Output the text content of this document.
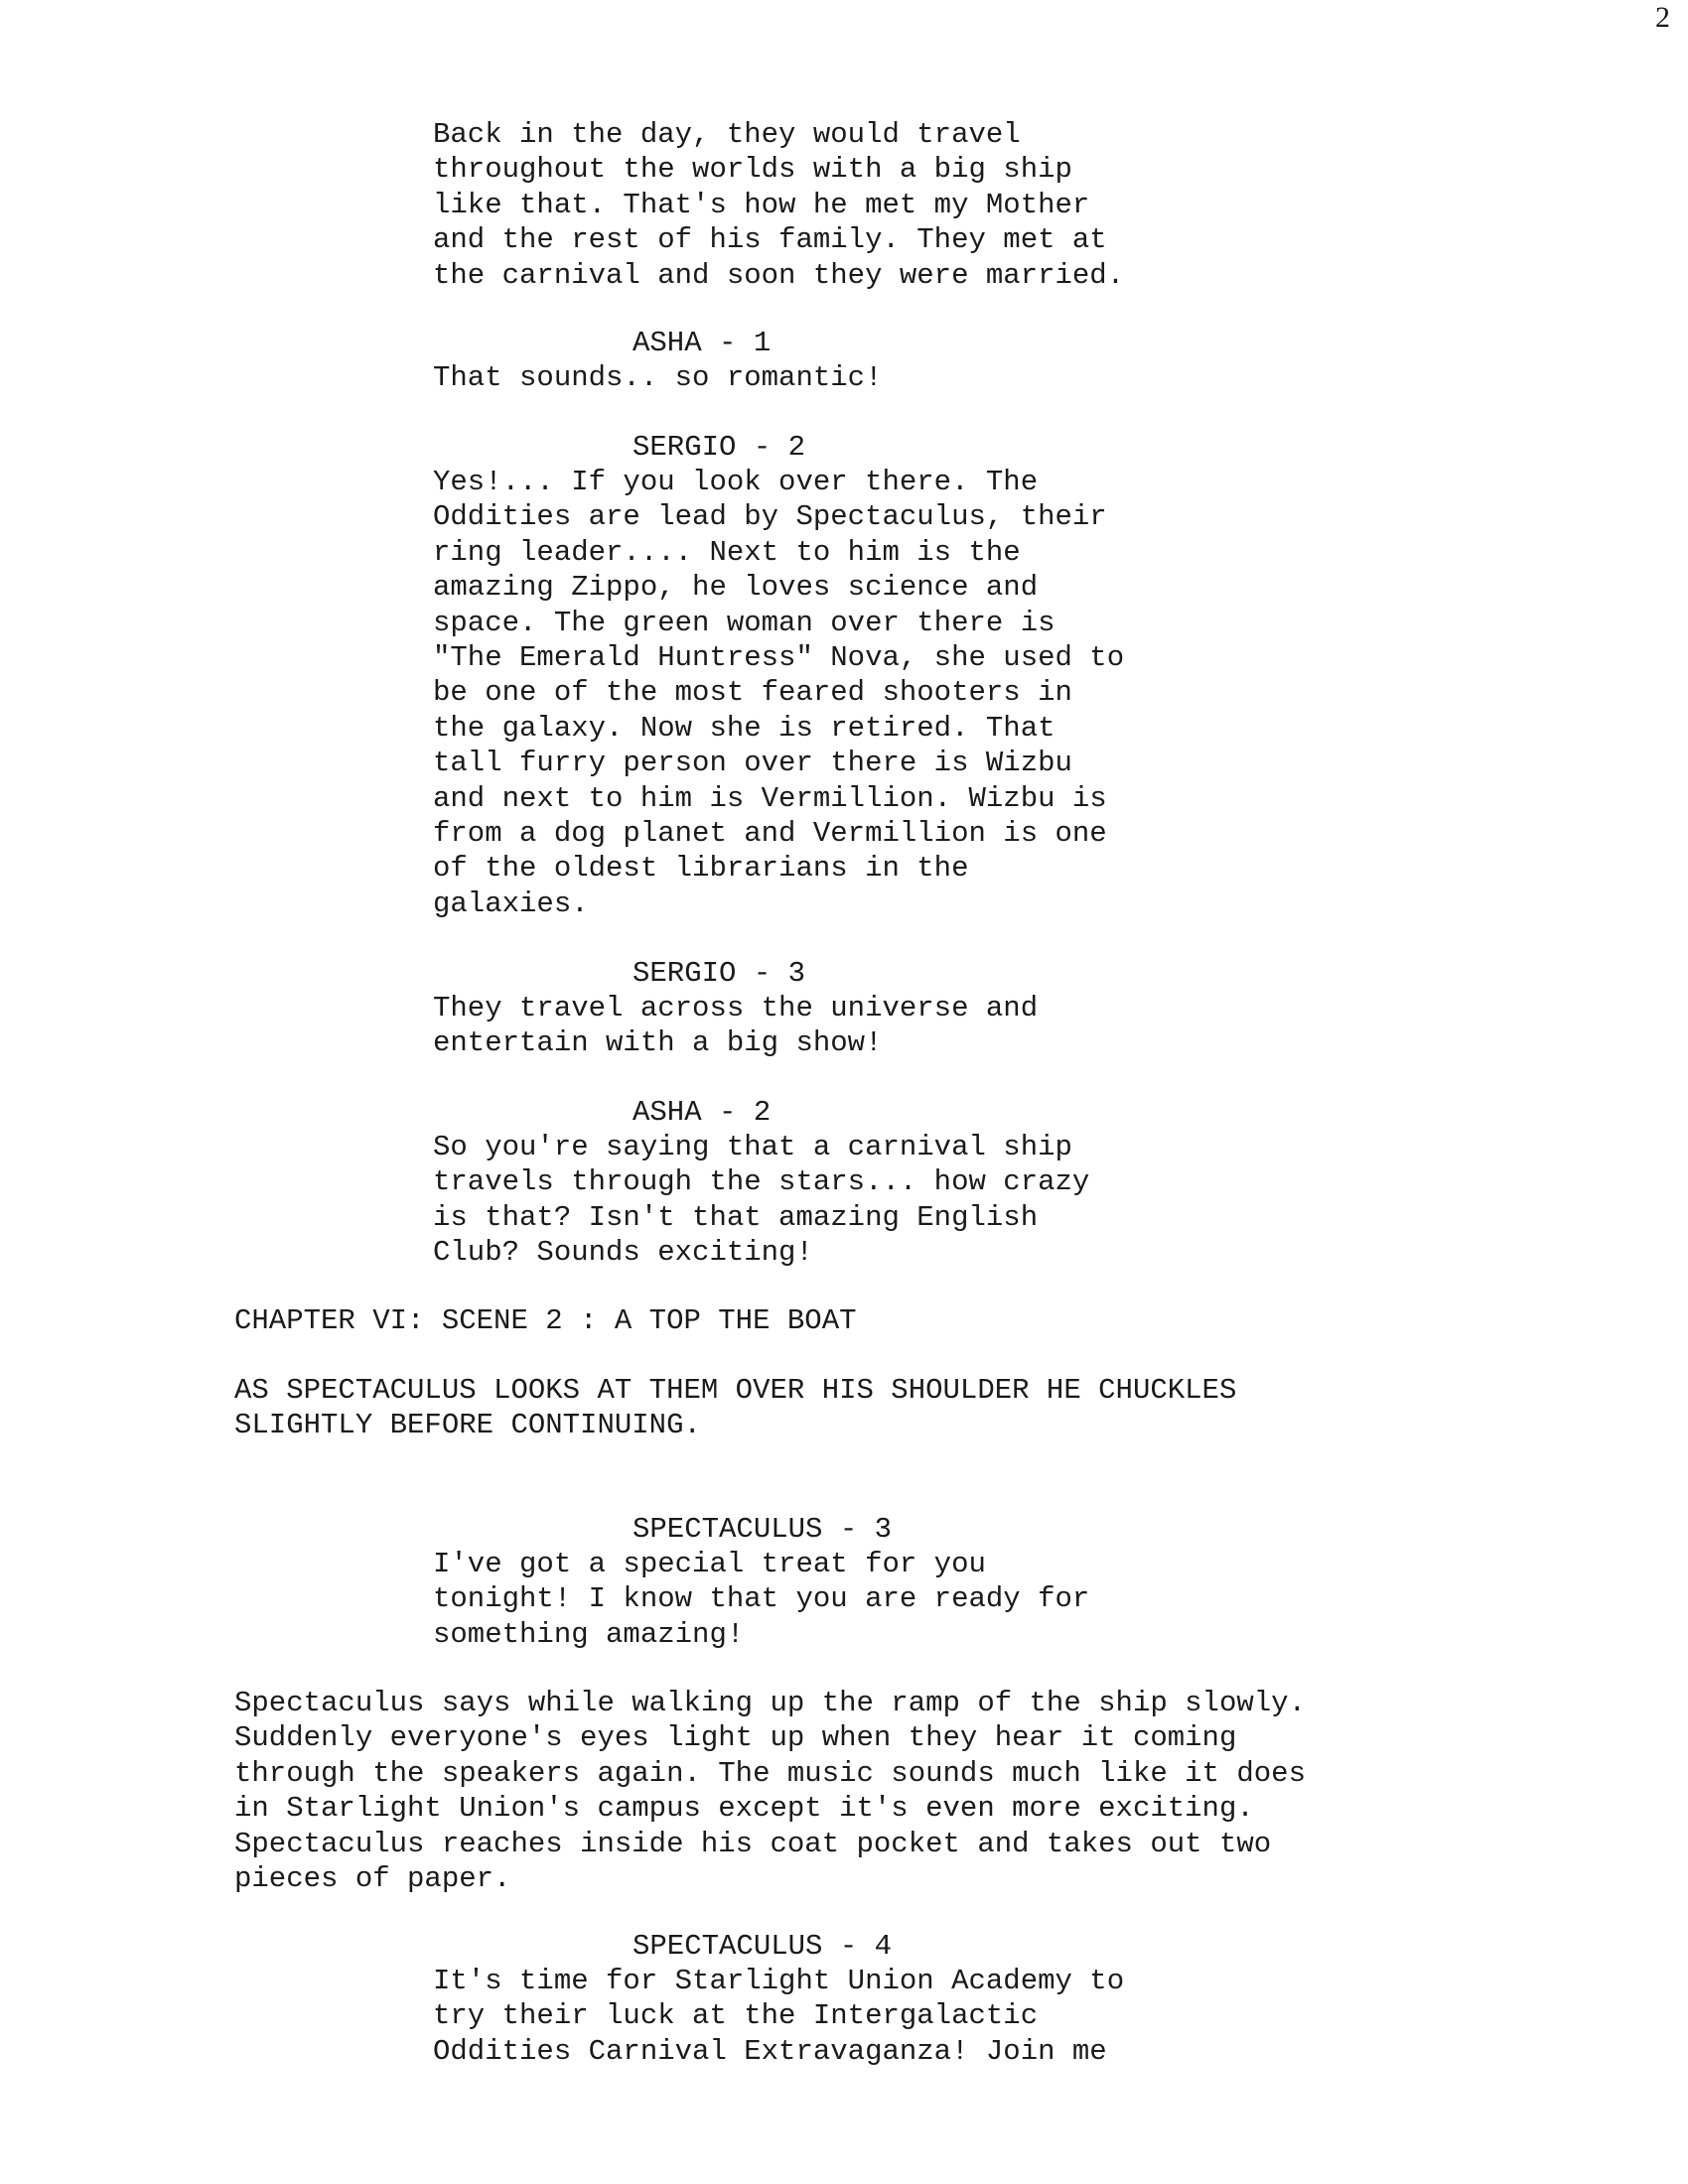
2
Back in the day, they would travel
throughout the worlds with a big ship
like that. That's how he met my Mother
and the rest of his family. They met at
the carnival and soon they were married.
ASHA - 1
That sounds.. so romantic!
SERGIO - 2
Yes!... If you look over there. The
Oddities are lead by Spectaculus, their
ring leader.... Next to him is the
amazing Zippo, he loves science and
space. The green woman over there is
"The Emerald Huntress" Nova, she used to
be one of the most feared shooters in
the galaxy. Now she is retired. That
tall furry person over there is Wizbu
and next to him is Vermillion. Wizbu is
from a dog planet and Vermillion is one
of the oldest librarians in the
galaxies.
SERGIO - 3
They travel across the universe and
entertain with a big show!
ASHA - 2
So you're saying that a carnival ship
travels through the stars... how crazy
is that? Isn't that amazing English
Club? Sounds exciting!
CHAPTER VI: SCENE 2 : A TOP THE BOAT
AS SPECTACULUS LOOKS AT THEM OVER HIS SHOULDER HE CHUCKLES
SLIGHTLY BEFORE CONTINUING.
SPECTACULUS - 3
I've got a special treat for you
tonight! I know that you are ready for
something amazing!
Spectaculus says while walking up the ramp of the ship slowly.
Suddenly everyone's eyes light up when they hear it coming
through the speakers again. The music sounds much like it does
in Starlight Union's campus except it's even more exciting.
Spectaculus reaches inside his coat pocket and takes out two
pieces of paper.
SPECTACULUS - 4
It's time for Starlight Union Academy to
try their luck at the Intergalactic
Oddities Carnival Extravaganza! Join me
